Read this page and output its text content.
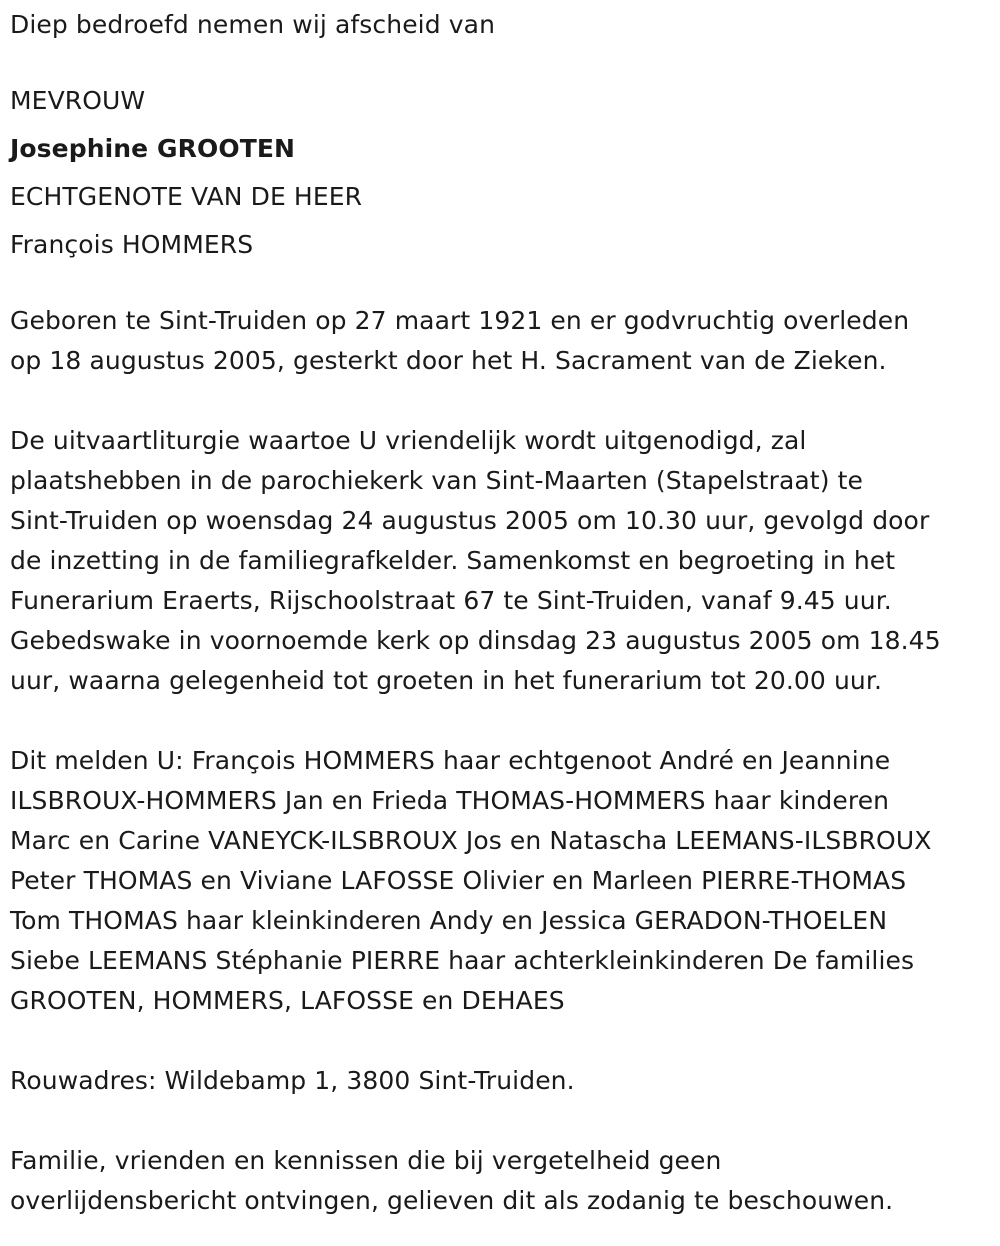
Diep bedroefd nemen wij afscheid van

MEVROUW

Josephine GROOTEN

ECHTGENOTE VAN DE HEER

François HOMMERS

Geboren te Sint-Truiden op 27 maart 1921 en er godvruchtig overleden

op 18 augustus 2005, gesterkt door het H. Sacrament van de Zieken.

De uitvaartliturgie waartoe U vriendelijk wordt uitgenodigd, zal

plaatshebben in de parochiekerk van Sint-Maarten (Stapelstraat) te

Sint-Truiden op woensdag 24 augustus 2005 om 10.30 uur, gevolgd door

de inzetting in de familiegrafkelder. Samenkomst en begroeting in het

Funerarium Eraerts, Rijschoolstraat 67 te Sint-Truiden, vanaf 9.45 uur.

Gebedswake in voornoemde kerk op dinsdag 23 augustus 2005 om 18.45

uur, waarna gelegenheid tot groeten in het funerarium tot 20.00 uur.

Dit melden U: François HOMMERS haar echtgenoot André en Jeannine

ILSBROUX-HOMMERS Jan en Frieda THOMAS-HOMMERS haar kinderen

Marc en Carine VANEYCK-ILSBROUX Jos en Natascha LEEMANS-ILSBROUX

Peter THOMAS en Viviane LAFOSSE Olivier en Marleen PIERRE-THOMAS

Tom THOMAS haar kleinkinderen Andy en Jessica GERADON-THOELEN

Siebe LEEMANS Stéphanie PIERRE haar achterkleinkinderen De families

GROOTEN, HOMMERS, LAFOSSE en DEHAES

Rouwadres: Wildebamp 1, 3800 Sint-Truiden.

Familie, vrienden en kennissen die bij vergetelheid geen

overlijdensbericht ontvingen, gelieven dit als zodanig te beschouwen.
